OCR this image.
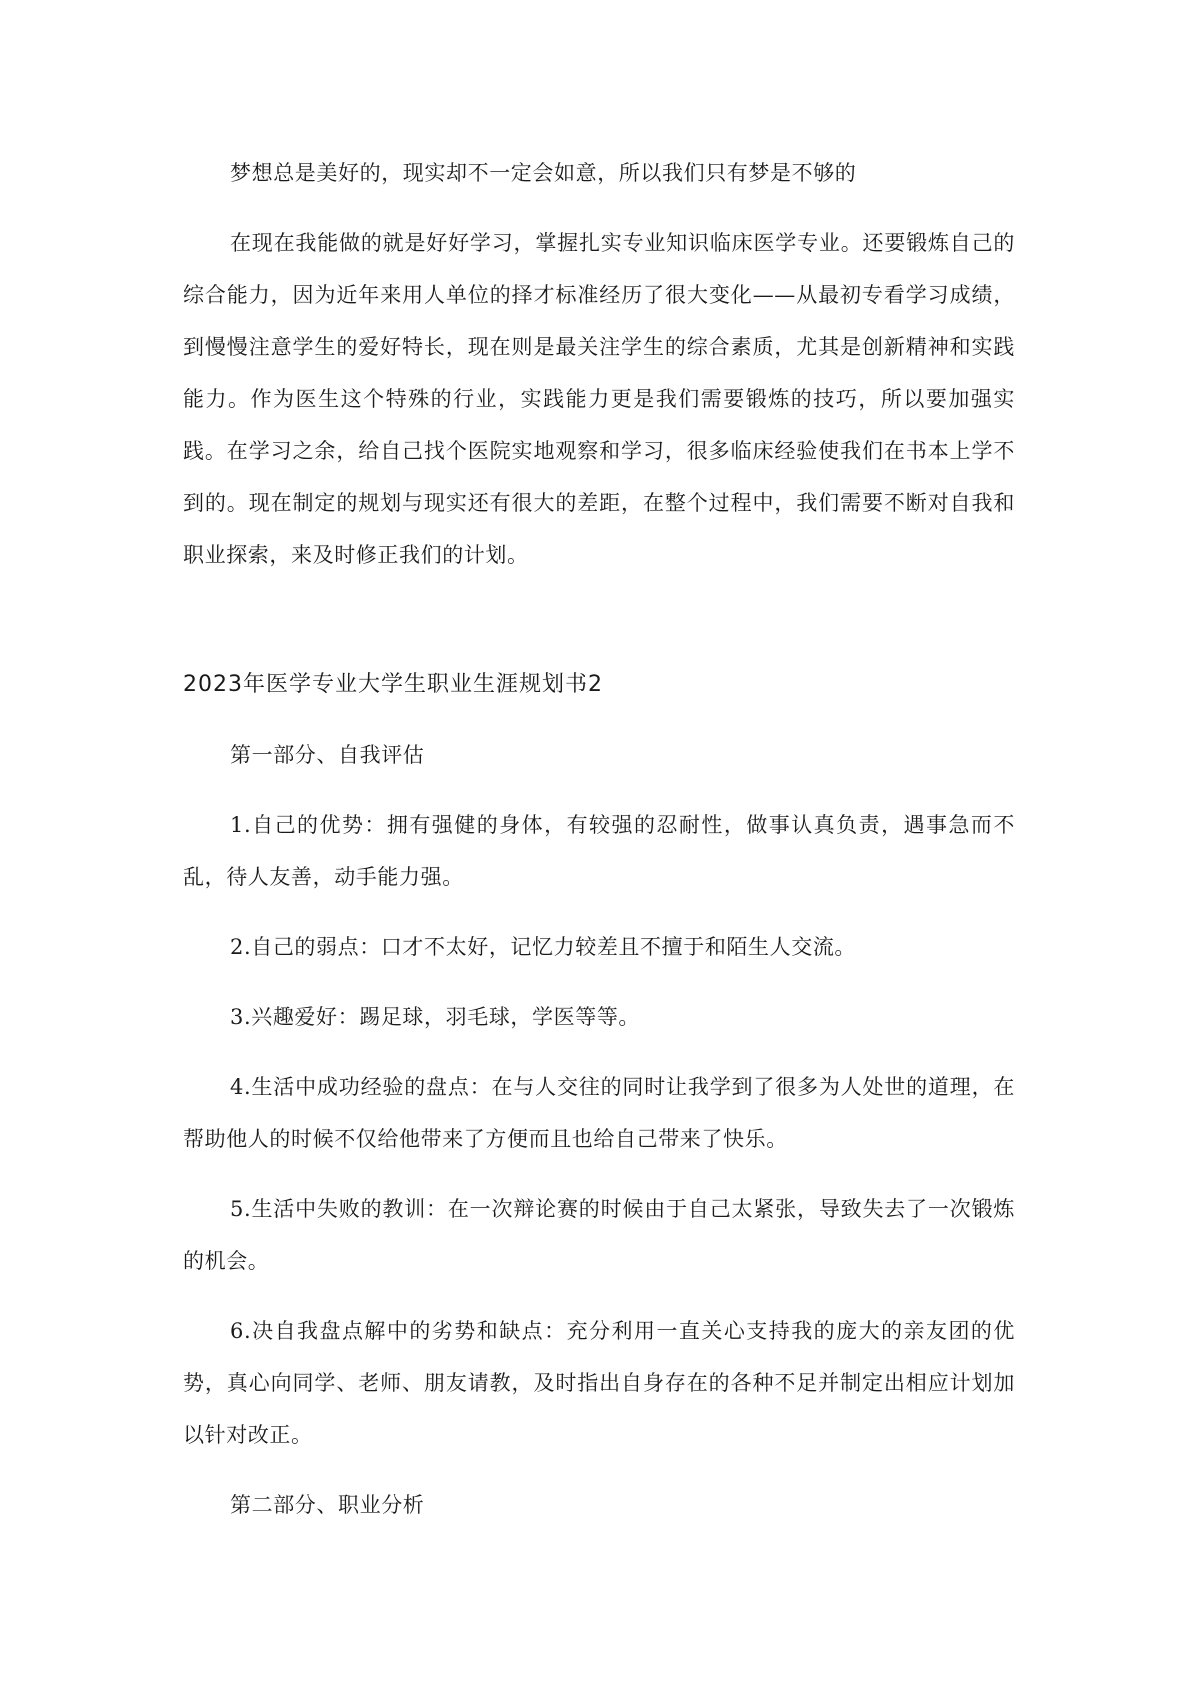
梦想总是美好的，现实却不一定会如意，所以我们只有梦是不够的

在现在我能做的就是好好学习，掌握扎实专业知识临床医学专业。还要锻炼自己的综合能力，因为近年来用人单位的择才标准经历了很大变化——从最初专看学习成绩，到慢慢注意学生的爱好特长，现在则是最关注学生的综合素质，尤其是创新精神和实践能力。作为医生这个特殊的行业，实践能力更是我们需要锻炼的技巧，所以要加强实践。在学习之余，给自己找个医院实地观察和学习，很多临床经验使我们在书本上学不到的。现在制定的规划与现实还有很大的差距，在整个过程中，我们需要不断对自我和职业探索，来及时修正我们的计划。

2023年医学专业大学生职业生涯规划书2

第一部分、自我评估

1.自己的优势：拥有强健的身体，有较强的忍耐性，做事认真负责，遇事急而不乱，待人友善，动手能力强。

2.自己的弱点：口才不太好，记忆力较差且不擅于和陌生人交流。

3.兴趣爱好：踢足球，羽毛球，学医等等。

4.生活中成功经验的盘点：在与人交往的同时让我学到了很多为人处世的道理，在帮助他人的时候不仅给他带来了方便而且也给自己带来了快乐。

5.生活中失败的教训：在一次辩论赛的时候由于自己太紧张，导致失去了一次锻炼的机会。

6.决自我盘点解中的劣势和缺点：充分利用一直关心支持我的庞大的亲友团的优势，真心向同学、老师、朋友请教，及时指出自身存在的各种不足并制定出相应计划加以针对改正。

第二部分、职业分析
